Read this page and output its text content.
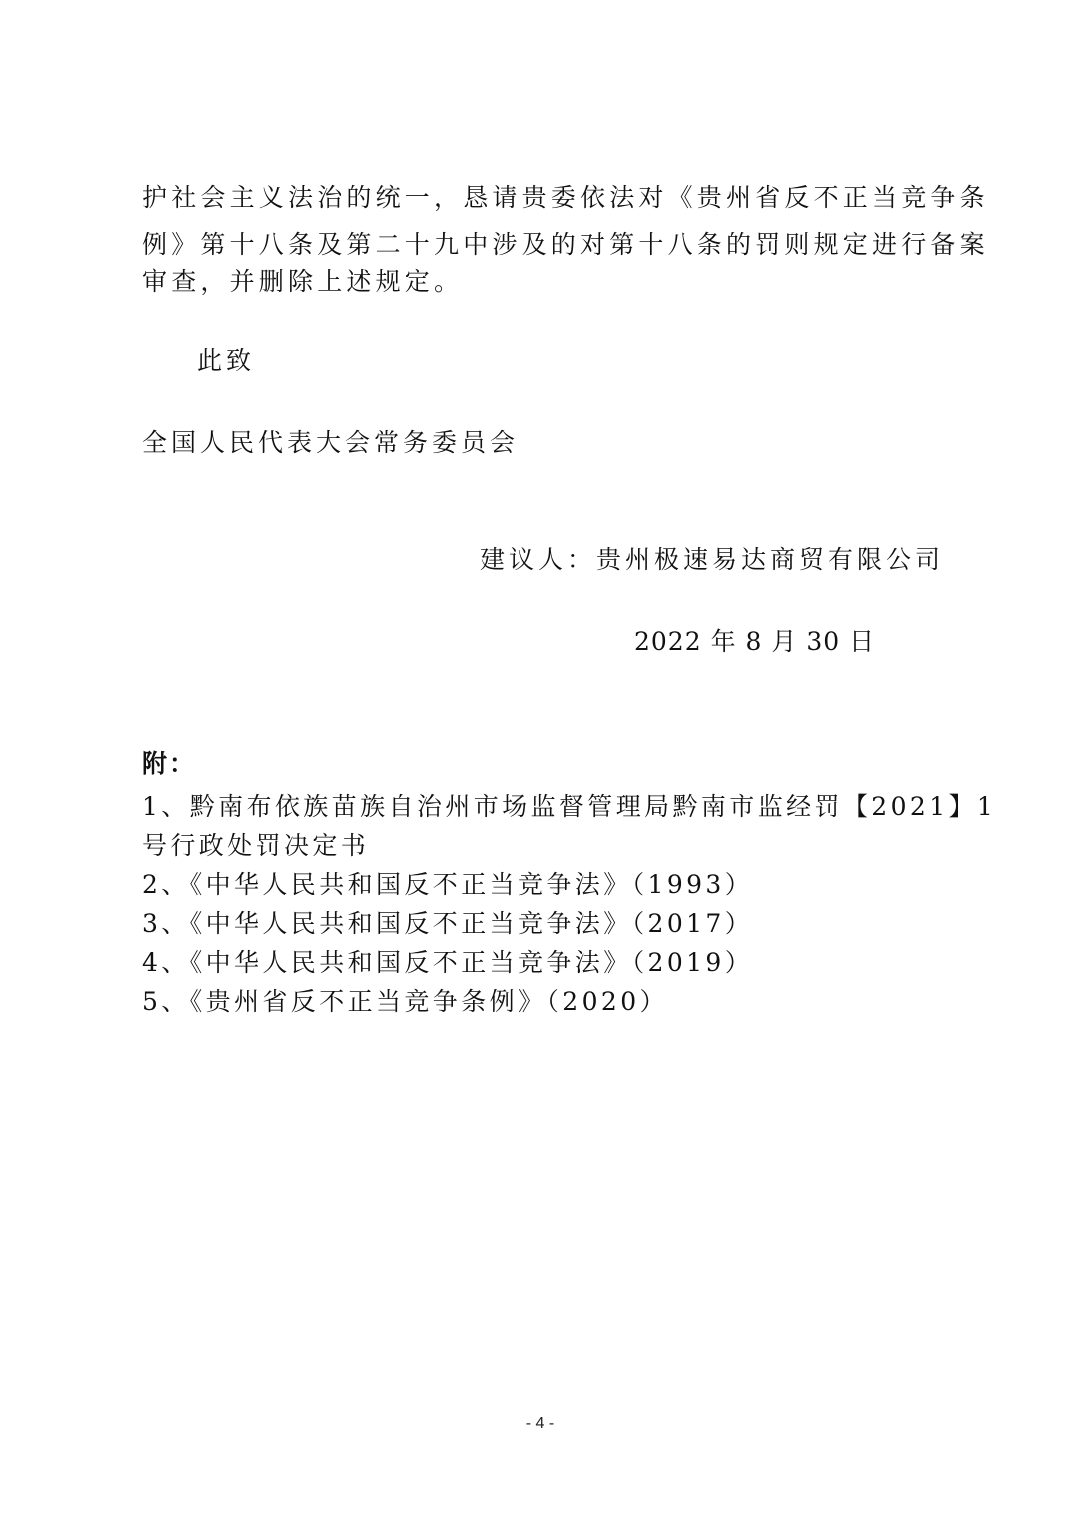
护社会主义法治的统一，恳请贵委依法对《贵州省反不正当竞争条
例》第十八条及第二十九中涉及的对第十八条的罚则规定进行备案
审查，并删除上述规定。
此致
全国人民代表大会常务委员会
建议人：贵州极速易达商贸有限公司
2022 年 8 月 30 日
附：
1、黔南布依族苗族自治州市场监督管理局黔南市监经罚【2021】1
号行政处罚决定书
2、《中华人民共和国反不正当竞争法》（1993）
3、《中华人民共和国反不正当竞争法》（2017）
4、《中华人民共和国反不正当竞争法》（2019）
5、《贵州省反不正当竞争条例》（2020）
- 4 -
